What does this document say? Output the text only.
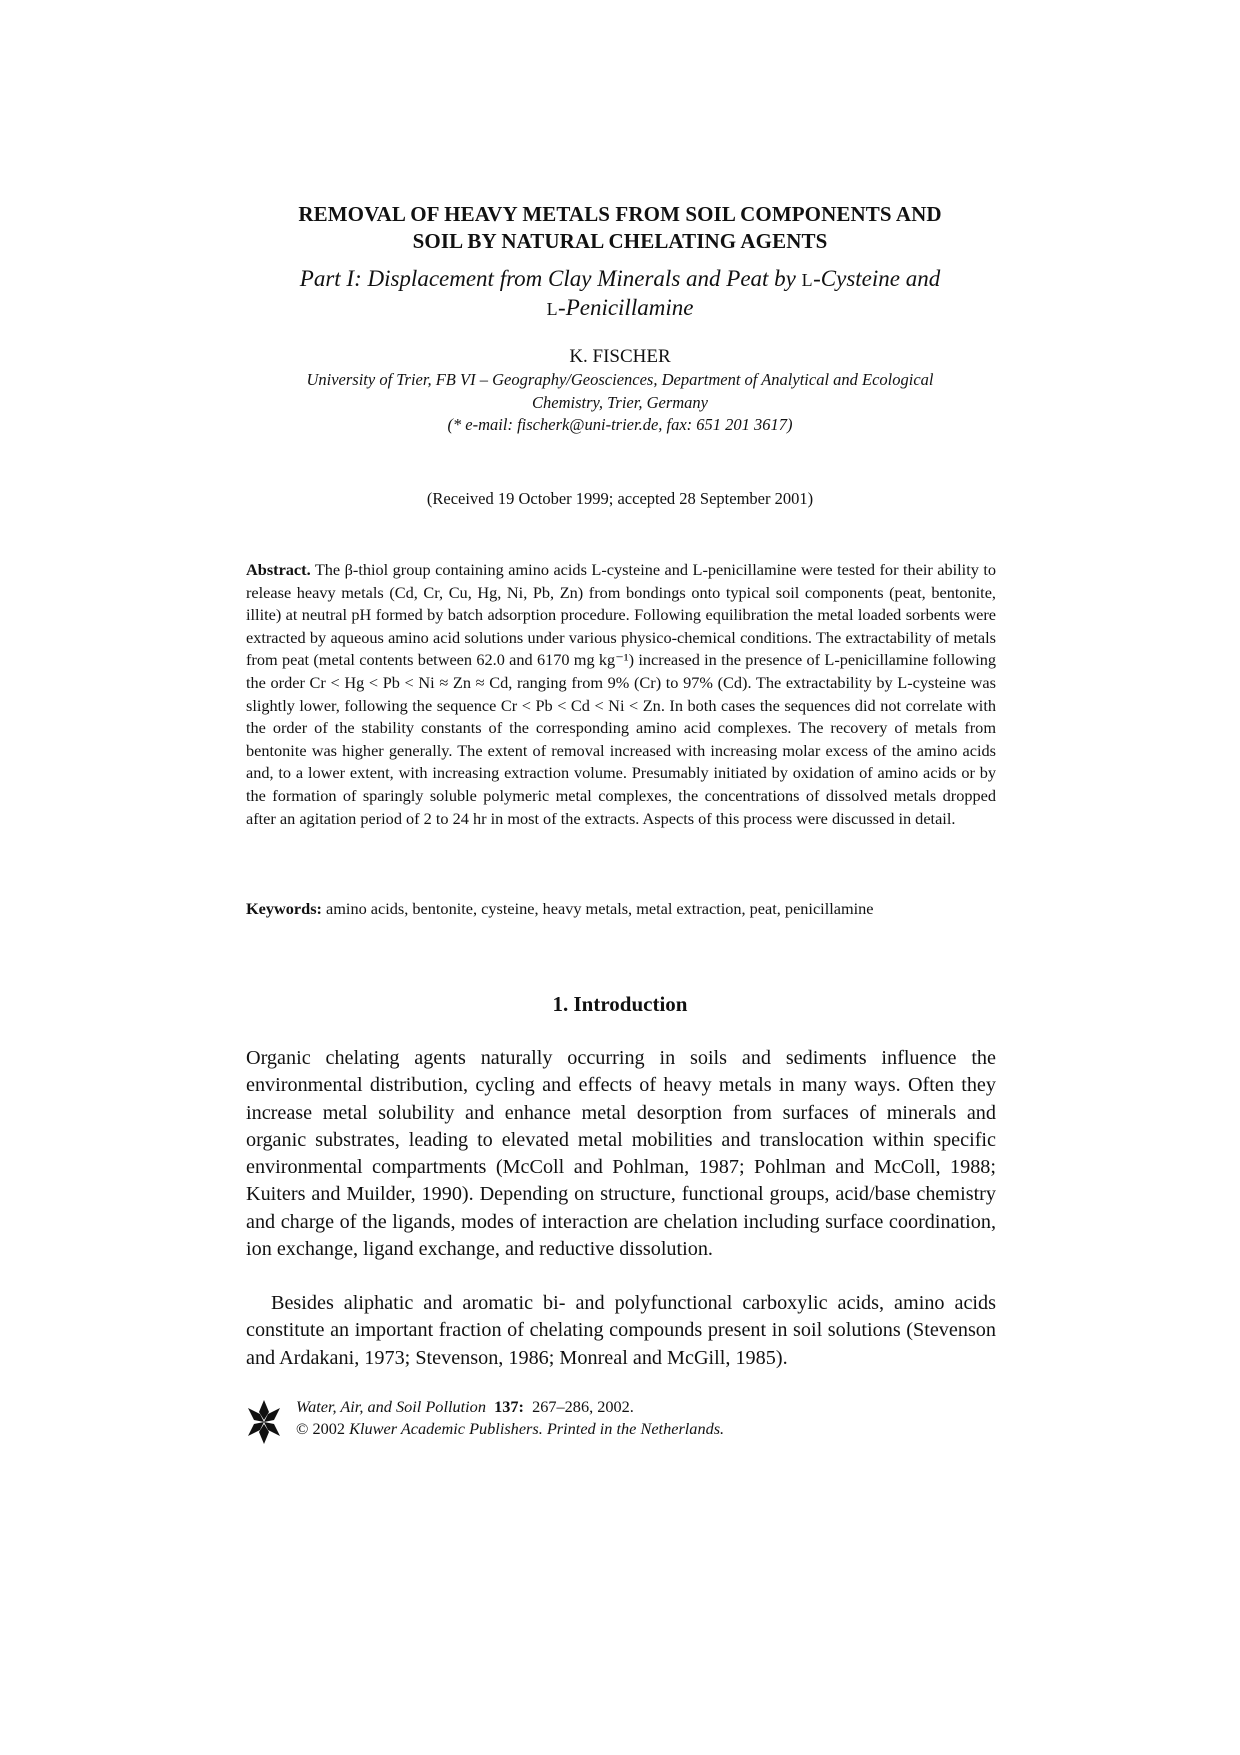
REMOVAL OF HEAVY METALS FROM SOIL COMPONENTS AND
SOIL BY NATURAL CHELATING AGENTS
Part I: Displacement from Clay Minerals and Peat by L-Cysteine and
L-Penicillamine
K. FISCHER
University of Trier, FB VI – Geography/Geosciences, Department of Analytical and Ecological
Chemistry, Trier, Germany
(* e-mail: fischerk@uni-trier.de, fax: 651 201 3617)
(Received 19 October 1999; accepted 28 September 2001)

Abstract. The β-thiol group containing amino acids L-cysteine and L-penicillamine were tested for their ability to release heavy metals (Cd, Cr, Cu, Hg, Ni, Pb, Zn) from bondings onto typical soil components (peat, bentonite, illite) at neutral pH formed by batch adsorption procedure. Following equilibration the metal loaded sorbents were extracted by aqueous amino acid solutions under various physico-chemical conditions. The extractability of metals from peat (metal contents between 62.0 and 6170 mg kg⁻¹) increased in the presence of L-penicillamine following the order Cr < Hg < Pb < Ni ≈ Zn ≈ Cd, ranging from 9% (Cr) to 97% (Cd). The extractability by L-cysteine was slightly lower, following the sequence Cr < Pb < Cd < Ni < Zn. In both cases the sequences did not correlate with the order of the stability constants of the corresponding amino acid complexes. The recovery of metals from bentonite was higher generally. The extent of removal increased with increasing molar excess of the amino acids and, to a lower extent, with increasing extraction volume. Presumably initiated by oxidation of amino acids or by the formation of sparingly soluble polymeric metal complexes, the concentrations of dissolved metals dropped after an agitation period of 2 to 24 hr in most of the extracts. Aspects of this process were discussed in detail.

Keywords: amino acids, bentonite, cysteine, heavy metals, metal extraction, peat, penicillamine

1. Introduction

Organic chelating agents naturally occurring in soils and sediments influence the environmental distribution, cycling and effects of heavy metals in many ways. Often they increase metal solubility and enhance metal desorption from surfaces of minerals and organic substrates, leading to elevated metal mobilities and translocation within specific environmental compartments (McColl and Pohlman, 1987; Pohlman and McColl, 1988; Kuiters and Muilder, 1990). Depending on structure, functional groups, acid/base chemistry and charge of the ligands, modes of interaction are chelation including surface coordination, ion exchange, ligand exchange, and reductive dissolution.

Besides aliphatic and aromatic bi- and polyfunctional carboxylic acids, amino acids constitute an important fraction of chelating compounds present in soil solutions (Stevenson and Ardakani, 1973; Stevenson, 1986; Monreal and McGill, 1985).

Water, Air, and Soil Pollution 137: 267–286, 2002.
© 2002 Kluwer Academic Publishers. Printed in the Netherlands.
